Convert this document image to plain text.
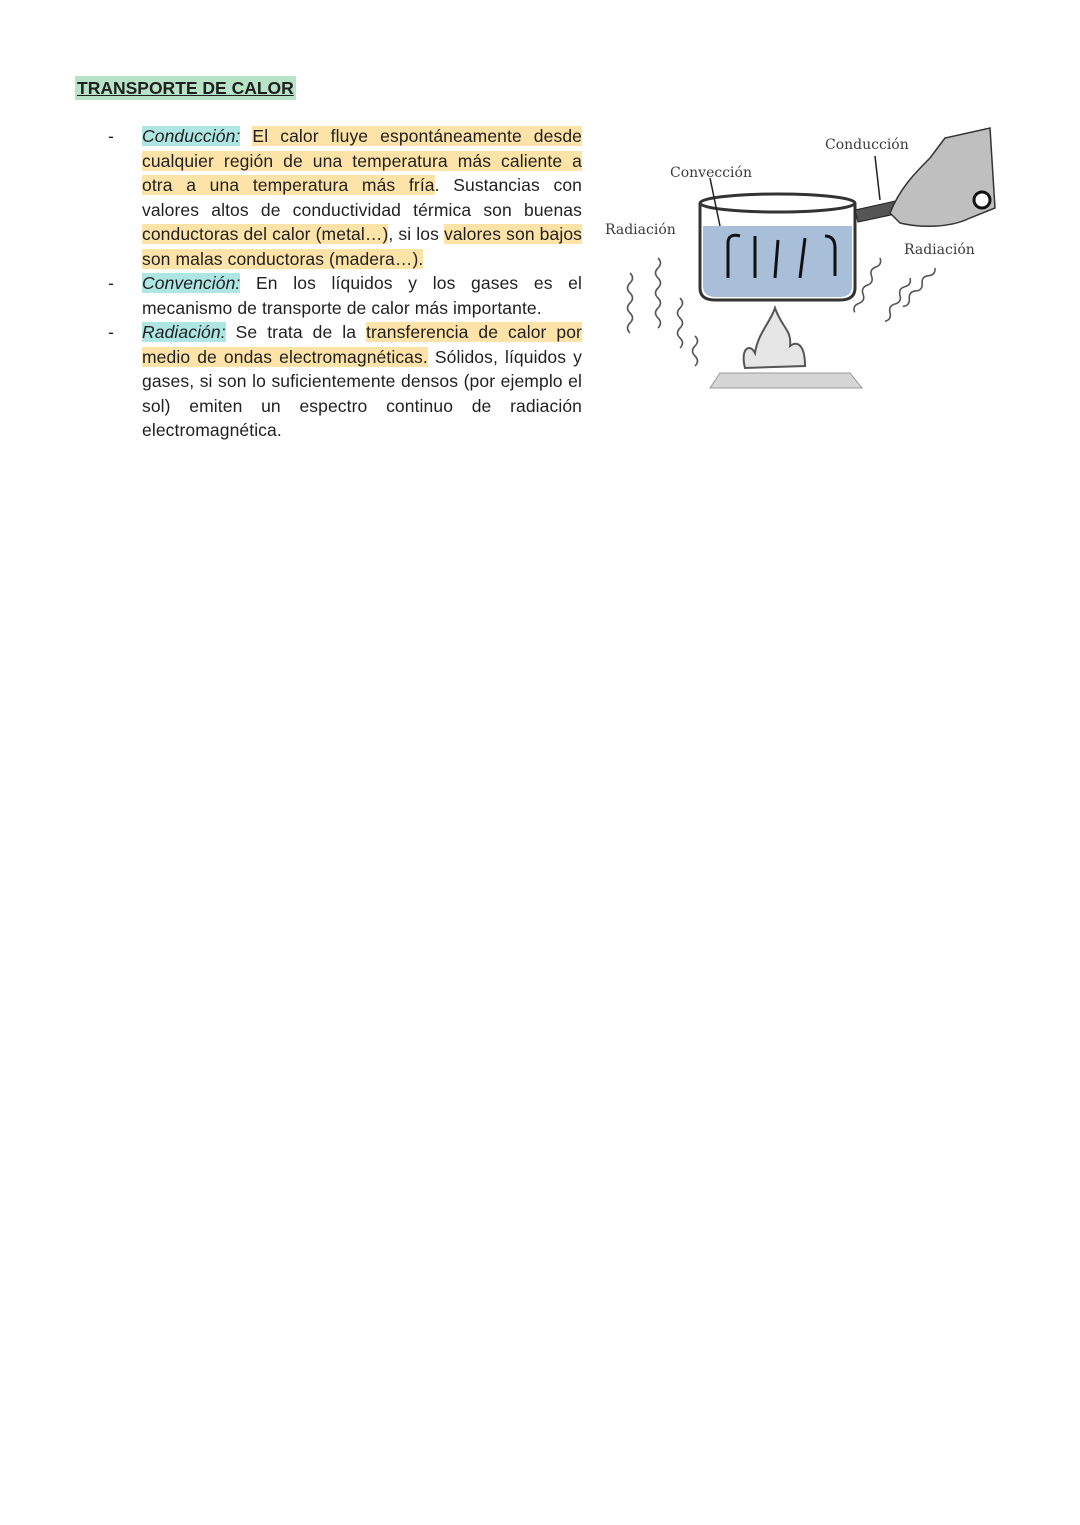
TRANSPORTE DE CALOR
- Conducción: El calor fluye espontáneamente desde cualquier región de una temperatura más caliente a otra a una temperatura más fría. Sustancias con valores altos de conductividad térmica son buenas conductoras del calor (metal…), si los valores son bajos son malas conductoras (madera…).

- Convención: En los líquidos y los gases es el mecanismo de transporte de calor más importante.

- Radiación: Se trata de la transferencia de calor por medio de ondas electromagnéticas. Sólidos, líquidos y gases, si son lo suficientemente densos (por ejemplo el sol) emiten un espectro continuo de radiación electromagnética.

Conducción
Convección
Radiación
Radiación
